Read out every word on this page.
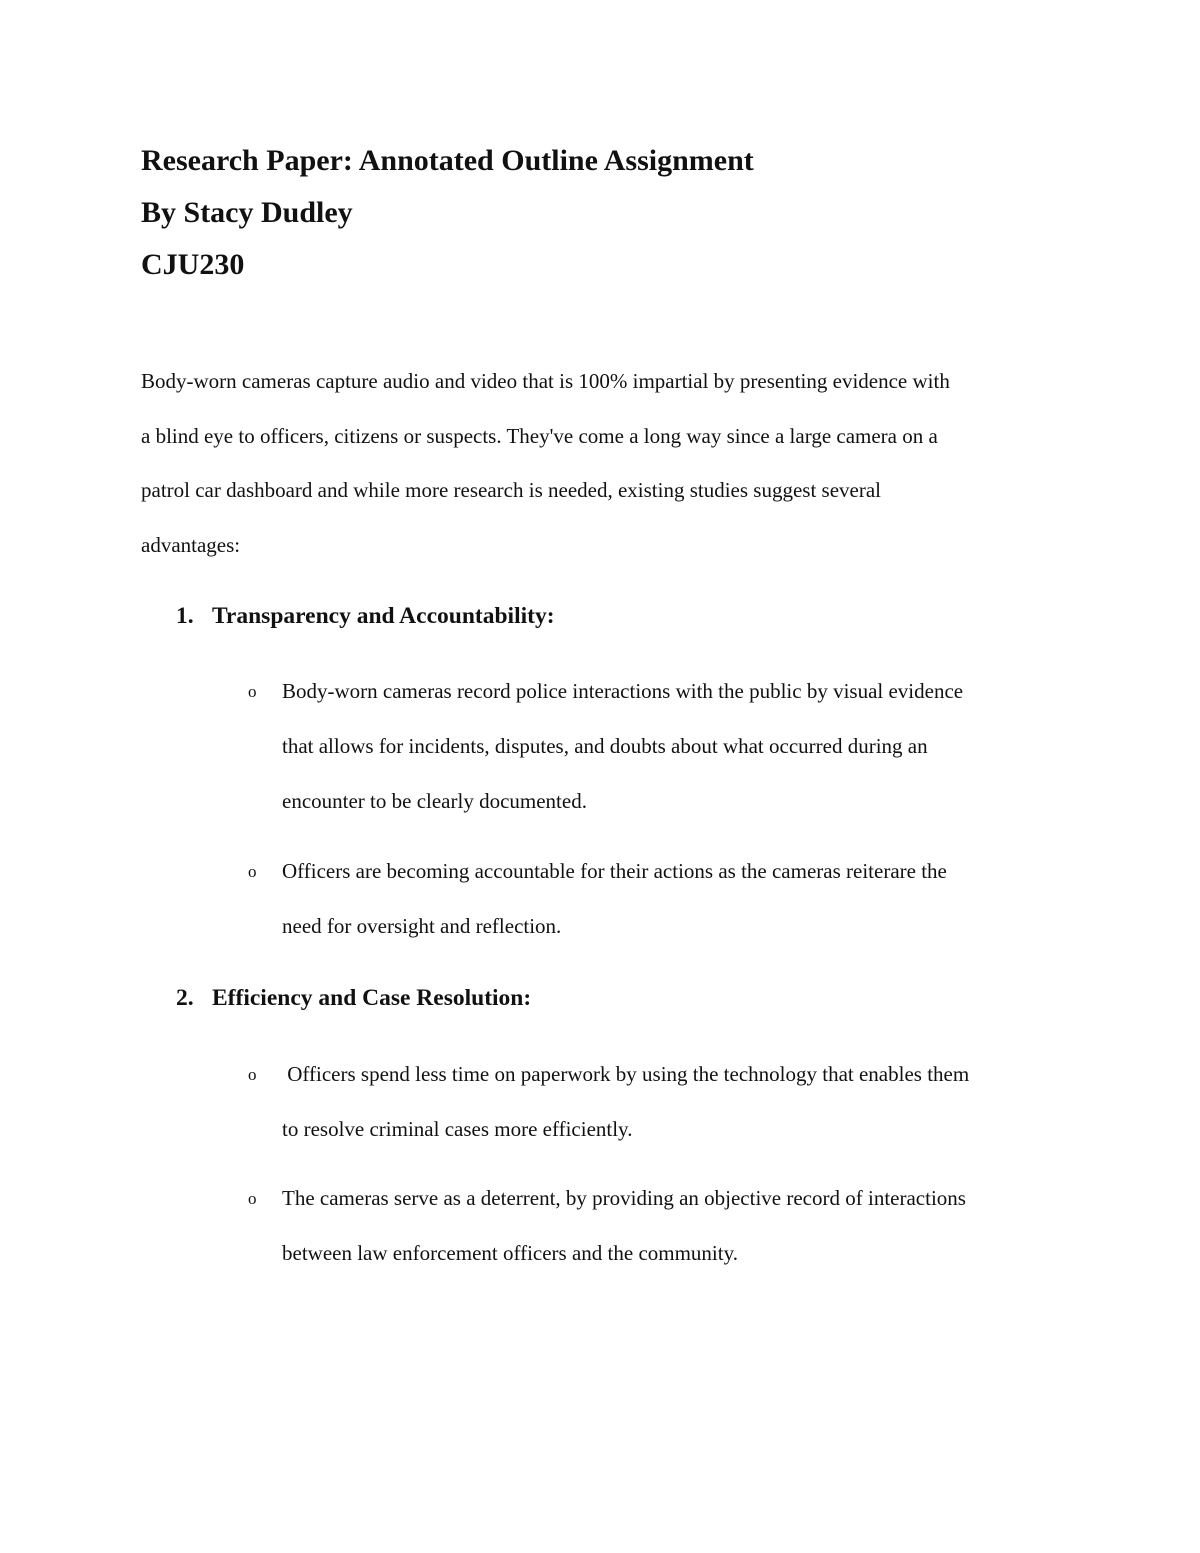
Research Paper: Annotated Outline Assignment
By Stacy Dudley
CJU230
Body-worn cameras capture audio and video that is 100% impartial by presenting evidence with
a blind eye to officers, citizens or suspects. They've come a long way since a large camera on a
patrol car dashboard and while more research is needed, existing studies suggest several
advantages:
1. Transparency and Accountability:
o	Body-worn cameras record police interactions with the public by visual evidence
that allows for incidents, disputes, and doubts about what occurred during an
encounter to be clearly documented.
o	Officers are becoming accountable for their actions as the cameras reiterare the
need for oversight and reflection.
2. Efficiency and Case Resolution:
o	Officers spend less time on paperwork by using the technology that enables them
to resolve criminal cases more efficiently.
o	The cameras serve as a deterrent, by providing an objective record of interactions
between law enforcement officers and the community.
